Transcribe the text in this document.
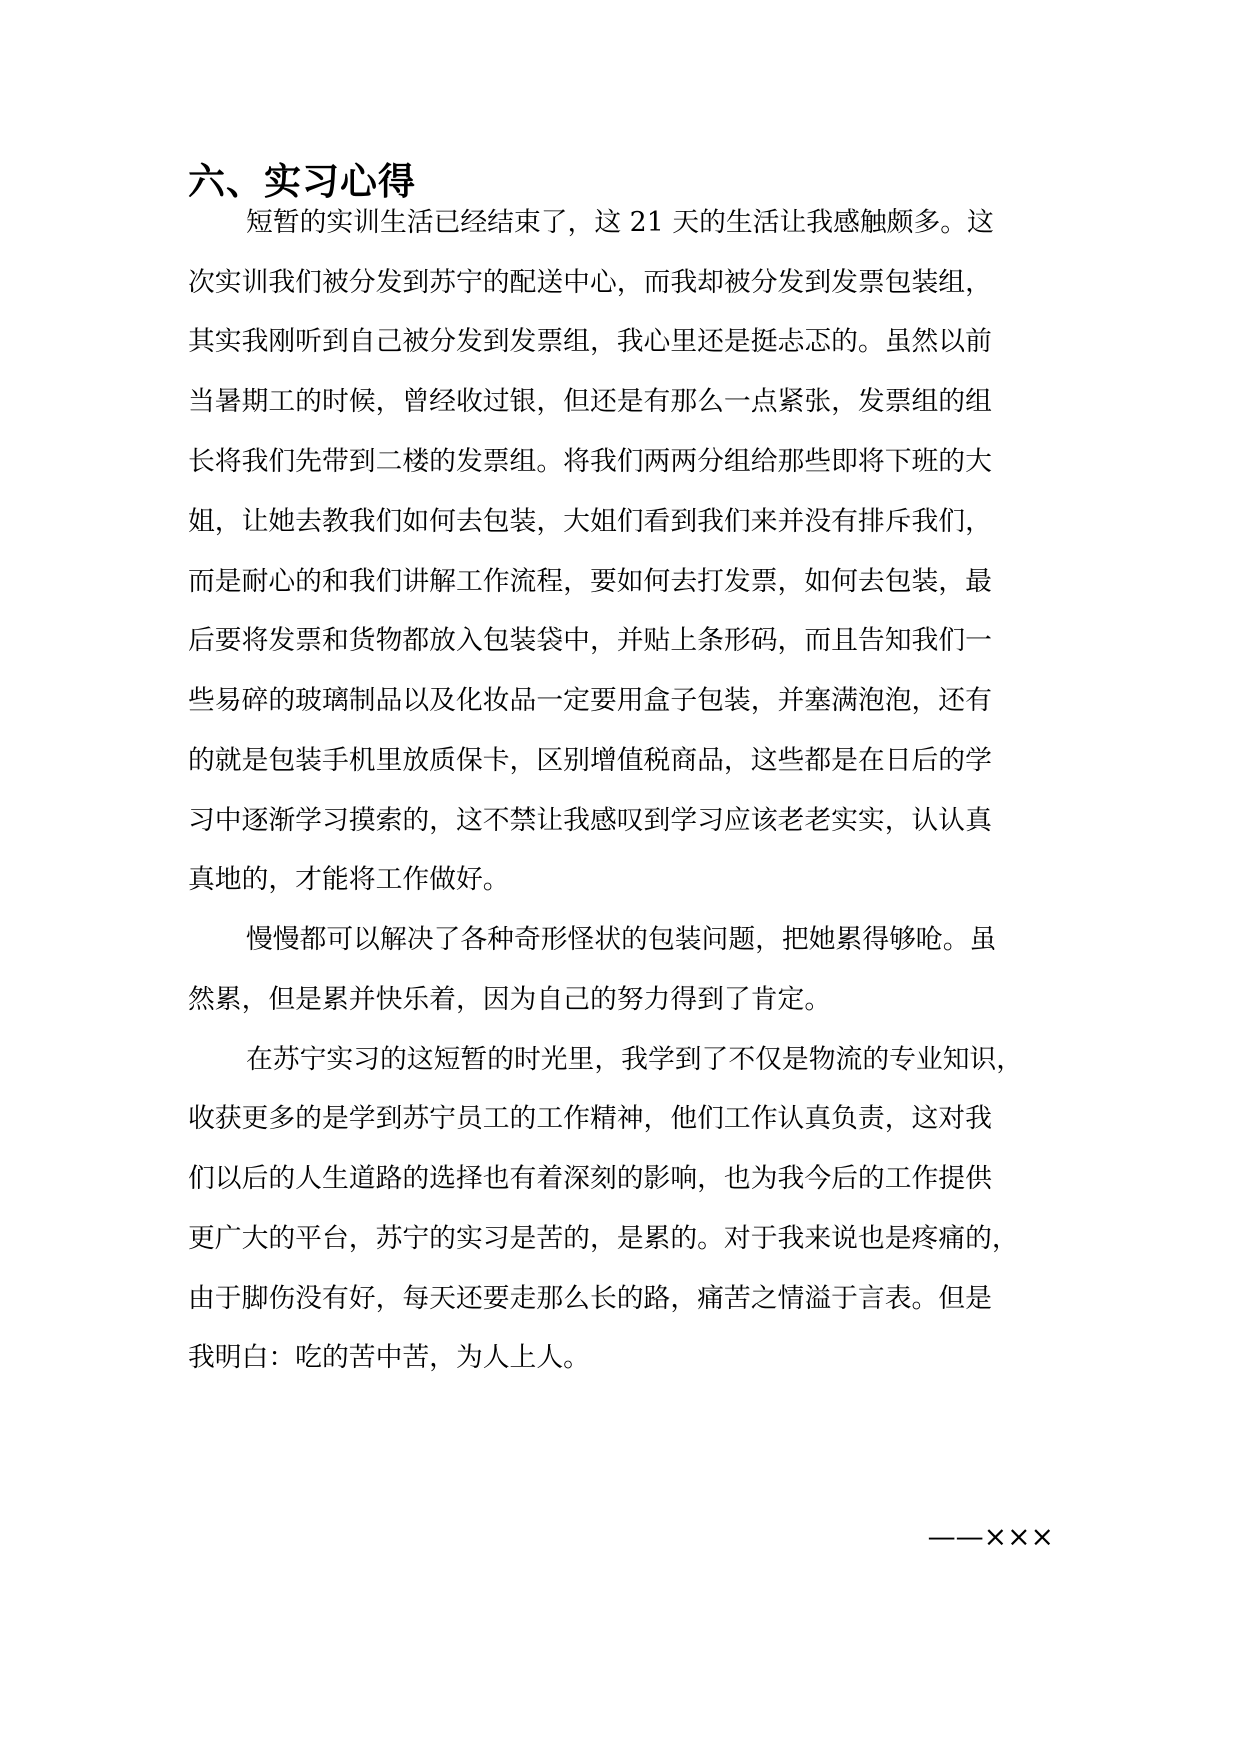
六、实习心得
短暂的实训生活已经结束了，这 21 天的生活让我感触颇多。这
次实训我们被分发到苏宁的配送中心，而我却被分发到发票包装组，
其实我刚听到自己被分发到发票组，我心里还是挺忐忑的。虽然以前
当暑期工的时候，曾经收过银，但还是有那么一点紧张，发票组的组
长将我们先带到二楼的发票组。将我们两两分组给那些即将下班的大
姐，让她去教我们如何去包装，大姐们看到我们来并没有排斥我们，
而是耐心的和我们讲解工作流程，要如何去打发票，如何去包装，最
后要将发票和货物都放入包装袋中，并贴上条形码，而且告知我们一
些易碎的玻璃制品以及化妆品一定要用盒子包装，并塞满泡泡，还有
的就是包装手机里放质保卡，区别增值税商品，这些都是在日后的学
习中逐渐学习摸索的，这不禁让我感叹到学习应该老老实实，认认真
真地的，才能将工作做好。
慢慢都可以解决了各种奇形怪状的包装问题，把她累得够呛。虽
然累，但是累并快乐着，因为自己的努力得到了肯定。
在苏宁实习的这短暂的时光里，我学到了不仅是物流的专业知识，
收获更多的是学到苏宁员工的工作精神，他们工作认真负责，这对我
们以后的人生道路的选择也有着深刻的影响，也为我今后的工作提供
更广大的平台，苏宁的实习是苦的，是累的。对于我来说也是疼痛的，
由于脚伤没有好，每天还要走那么长的路，痛苦之情溢于言表。但是
我明白：吃的苦中苦，为人上人。
——×××
